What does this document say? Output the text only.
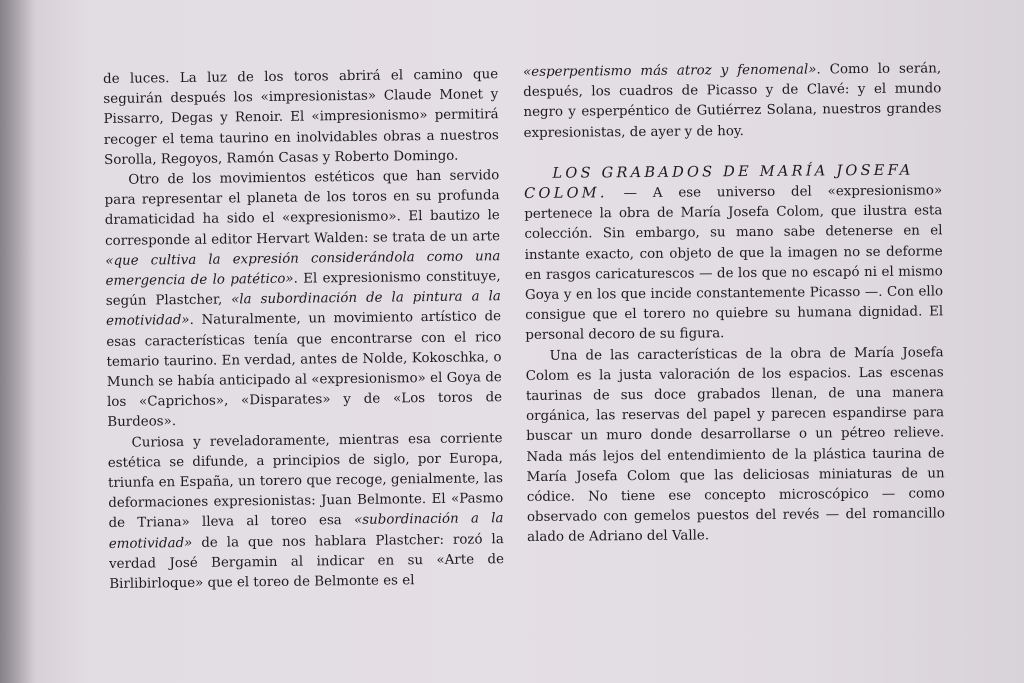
de luces. La luz de los toros abrirá el camino que seguirán después los «impresionistas» Claude Monet y Pissarro, Degas y Renoir. El «impresionismo» permitirá recoger el tema taurino en inolvidables obras a nuestros Sorolla, Regoyos, Ramón Casas y Roberto Domingo.

Otro de los movimientos estéticos que han servido para representar el planeta de los toros en su profunda dramaticidad ha sido el «expresionismo». El bautizo le corresponde al editor Hervart Walden: se trata de un arte «que cultiva la expresión considerándola como una emergencia de lo patético». El expresionismo constituye, según Plastcher, «la subordinación de la pintura a la emotividad». Naturalmente, un movimiento artístico de esas características tenía que encontrarse con el rico temario taurino. En verdad, antes de Nolde, Kokoschka, o Munch se había anticipado al «expresionismo» el Goya de los «Caprichos», «Disparates» y de «Los toros de Burdeos».

Curiosa y reveladoramente, mientras esa corriente estética se difunde, a principios de siglo, por Europa, triunfa en España, un torero que recoge, genialmente, las deformaciones expresionistas: Juan Belmonte. El «Pasmo de Triana» lleva al toreo esa «subordinación a la emotividad» de la que nos hablara Plastcher: rozó la verdad José Bergamin al indicar en su «Arte de Birlibirloque» que el toreo de Belmonte es el

«esperpentismo más atroz y fenomenal». Como lo serán, después, los cuadros de Picasso y de Clavé: y el mundo negro y esperpéntico de Gutiérrez Solana, nuestros grandes expresionistas, de ayer y de hoy.

LOS GRABADOS DE MARÍA JOSEFA
COLOM. — A ese universo del «expresionismo» pertenece la obra de María Josefa Colom, que ilustra esta colección. Sin embargo, su mano sabe detenerse en el instante exacto, con objeto de que la imagen no se deforme en rasgos caricaturescos — de los que no escapó ni el mismo Goya y en los que incide constantemente Picasso —. Con ello consigue que el torero no quiebre su humana dignidad. El personal decoro de su figura.

Una de las características de la obra de María Josefa Colom es la justa valoración de los espacios. Las escenas taurinas de sus doce grabados llenan, de una manera orgánica, las reservas del papel y parecen espandirse para buscar un muro donde desarrollarse o un pétreo relieve. Nada más lejos del entendimiento de la plástica taurina de María Josefa Colom que las deliciosas miniaturas de un códice. No tiene ese concepto microscópico — como observado con gemelos puestos del revés — del romancillo alado de Adriano del Valle.
